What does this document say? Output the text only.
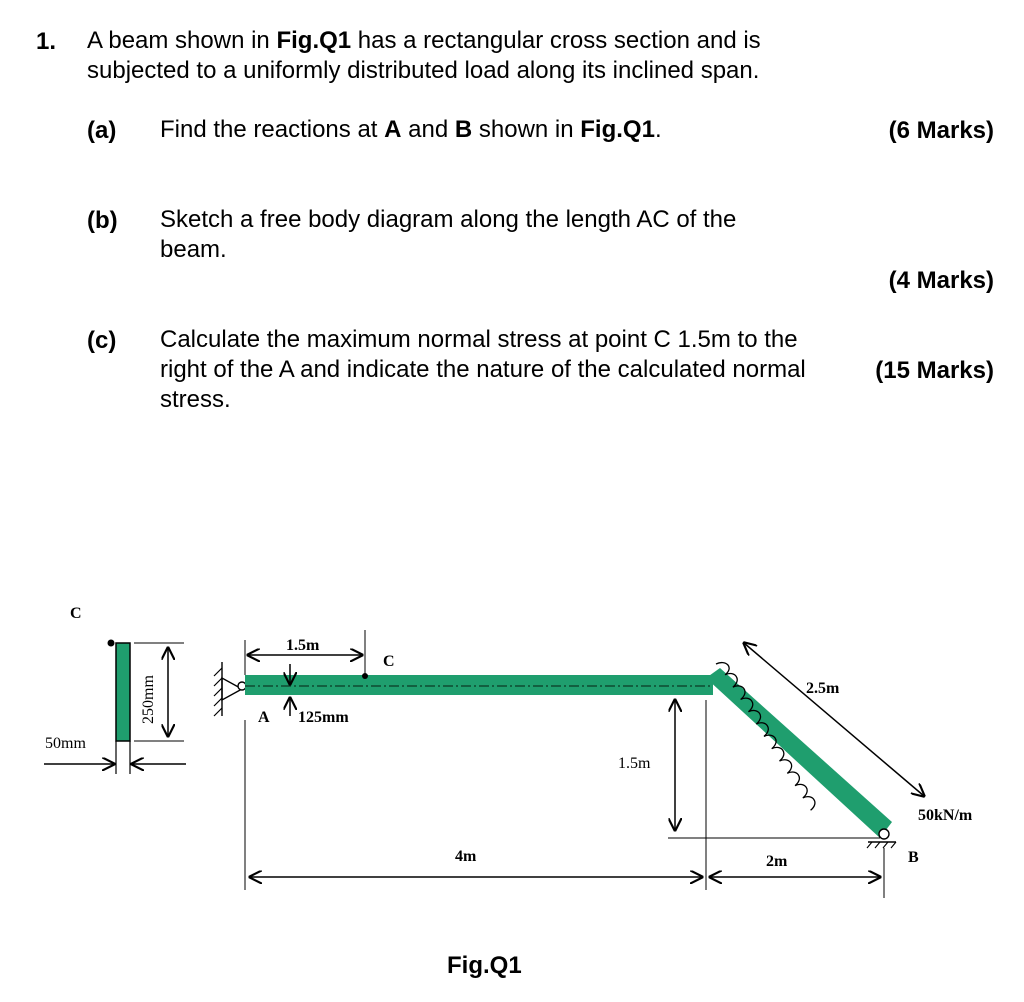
1. A beam shown in Fig.Q1 has a rectangular cross section and is subjected to a uniformly distributed load along its inclined span.
(a) Find the reactions at A and B shown in Fig.Q1.	(6 Marks)
(b) Sketch a free body diagram along the length AC of the beam.
(4 Marks)
(c) Calculate the maximum normal stress at point C 1.5m to the right of the A and indicate the nature of the calculated normal stress.
(15 Marks)
C
50mm
250mm	2.5m
50kN/m
B
1.5m
C
A 125mm
1.5m
4m	2m
Fig.Q1
